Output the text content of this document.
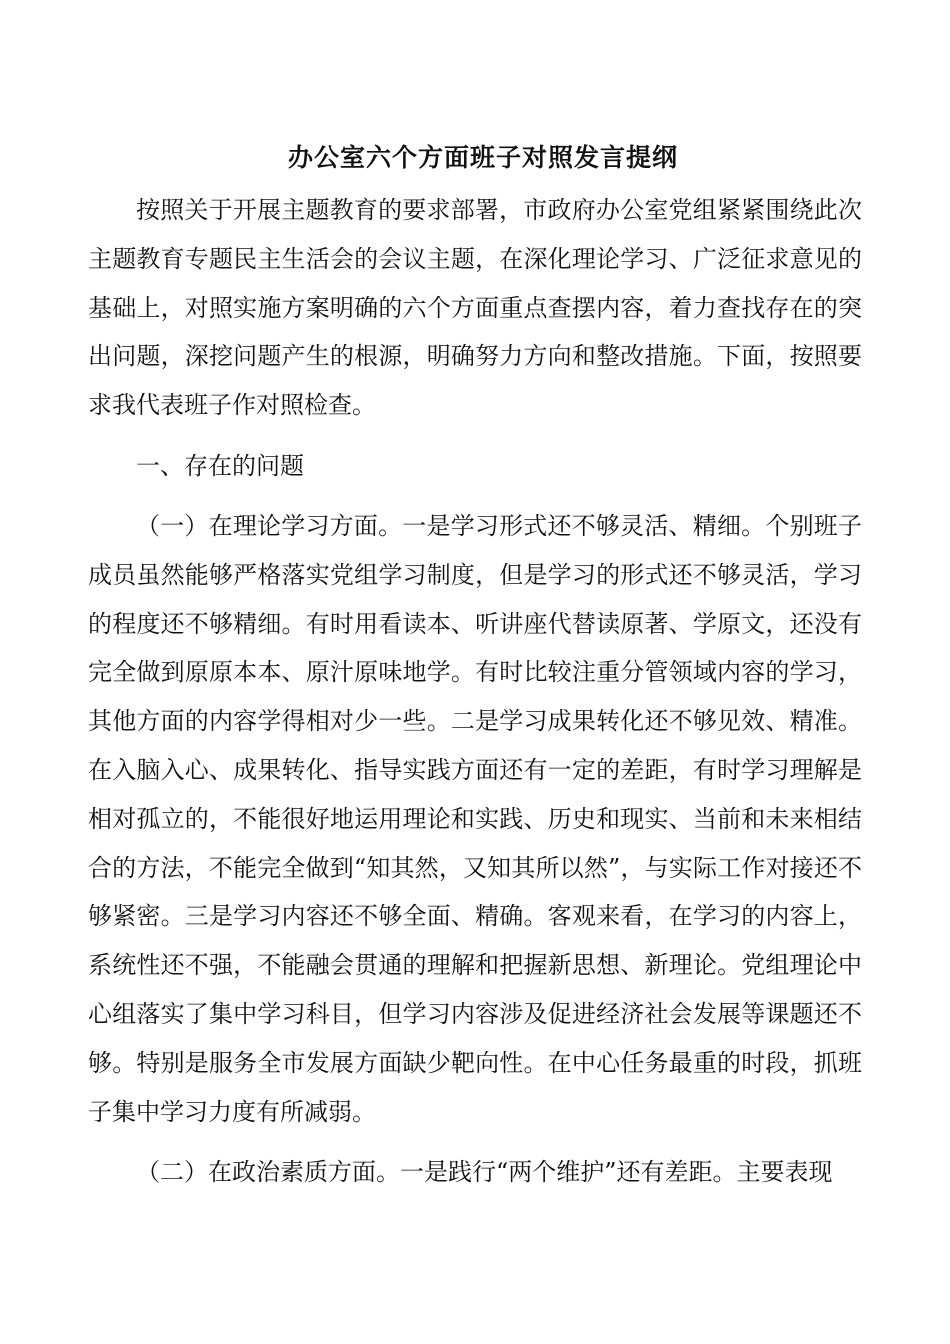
办公室六个方面班子对照发言提纲

按照关于开展主题教育的要求部署，市政府办公室党组紧紧围绕此次主题教育专题民主生活会的会议主题，在深化理论学习、广泛征求意见的基础上，对照实施方案明确的六个方面重点查摆内容，着力查找存在的突出问题，深挖问题产生的根源，明确努力方向和整改措施。下面，按照要求我代表班子作对照检查。

一、存在的问题

（一）在理论学习方面。一是学习形式还不够灵活、精细。个别班子成员虽然能够严格落实党组学习制度，但是学习的形式还不够灵活，学习的程度还不够精细。有时用看读本、听讲座代替读原著、学原文，还没有完全做到原原本本、原汁原味地学。有时比较注重分管领域内容的学习，其他方面的内容学得相对少一些。二是学习成果转化还不够见效、精准。在入脑入心、成果转化、指导实践方面还有一定的差距，有时学习理解是相对孤立的，不能很好地运用理论和实践、历史和现实、当前和未来相结合的方法，不能完全做到“知其然，又知其所以然”，与实际工作对接还不够紧密。三是学习内容还不够全面、精确。客观来看，在学习的内容上，系统性还不强，不能融会贯通的理解和把握新思想、新理论。党组理论中心组落实了集中学习科目，但学习内容涉及促进经济社会发展等课题还不够。特别是服务全市发展方面缺少靶向性。在中心任务最重的时段，抓班子集中学习力度有所减弱。

（二）在政治素质方面。一是践行“两个维护”还有差距。主要表现
